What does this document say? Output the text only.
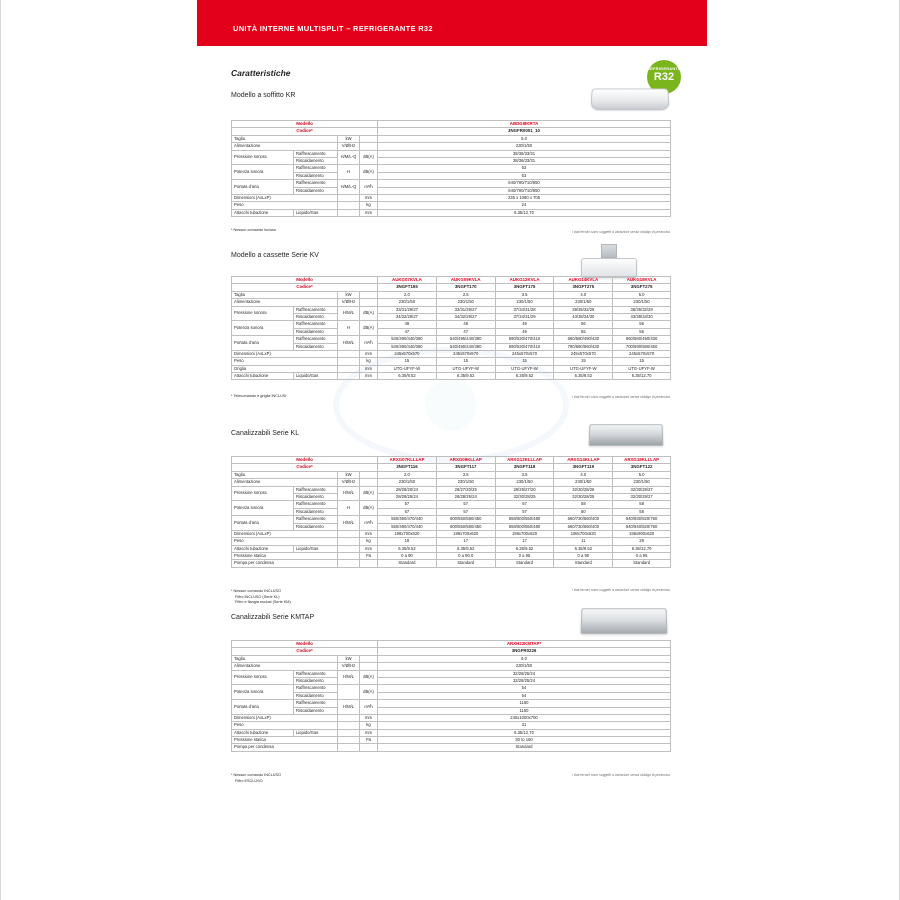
UNITÀ INTERNE MULTISPLIT – REFRIGERANTE R32
Caratteristiche	REFRIGERANTE
R32
Modello a soffitto KR
Modello				ABDGI8KRTA
Codice*				3NGFR0001_10
Taglia		kW		5.0
Alimentazione		V/Ø/Hz		230/1/50
Pressione sonora	Raffrescamento	H/M/L-Q	dB(A)	38/36/33/31
	Riscaldamento			38/36/33/31
Potenza sonora	Raffrescamento	H	dB(A)	53
	Riscaldamento			53
Portata d'aria	Raffrescamento	H/M/L-Q	m³/h	640/790/710/650
	Riscaldamento			640/790/710/650
Dimensioni (AxLxP)			mm	235 x 1080 x 705
Peso			kg	24
Attacchi tubazione	Liquido/Gas		mm	6.35/12.70
* Nessun comando incluso	I dati tecnici sono soggetti a variazioni senza obbligo di preavviso.
Modello a cassette Serie KV
Modello				AUKG07KVLA	AUKG09KVLA	AUKG12KVLA	AUKG14KVLA	AUKG18KVLA
Codice*				3NGFT165	3NGFT170	3NGFT175	3NGFT275	3NGFT275
Taglia		kW		2.0	2.5	3.5	4.0	5.0
Alimentazione		V/Ø/Hz		230/1/50	230/1/50	230/1/50	230/1/50	230/1/50
Pressione sonora	Raffrescamento	H/M/L	dB(A)	33/31/29/27	33/31/29/27	37/34/31/28	38/35/32/29	36/35/32/29
	Riscaldamento			34/32/29/27	34/32/29/27	37/34/31/29	43/38/34/30	43/39/34/30
Potenza sonora	Raffrescamento	H	dB(A)	49	46	49	56	56
	Riscaldamento			47	47	49	55	55
Portata d'aria	Raffrescamento	H/M/L	m³/h	540/490/440/380	540/495/440/390	690/530/470/410	660/580/490/430	660/580/490/430
	Riscaldamento			540/490/440/380	540/490/440/390	690/530/470/410	790/680/560/430	700/690/580/450
Dimensioni (AxLxP)			mm	245x570x570	245x570x570	245x570x570	245x570x570	245x570x570
Peso			kg	15	15	15	15	15
Griglia			mm	UTG-UFYF-W	UTG-UFYF-W	UTG-UFYF-W	UTG-UFYF-W	UTG-UFYF-W
Attacchi tubazione	Liquido/Gas		mm	6.35/9.52	6.35/9.52	6.35/9.52	6.35/9.52	6.35/12.70
* Telecomando e griglia INCLUSI	I dati tecnici sono soggetti a variazioni senza obbligo di preavviso.
Canalizzabili Serie KL
Modello				ARXG07KLLLAP	ARXG09KLLAP	ARXG12KLLLAP	ARXG14KLLAP	ARXG18KLLLAP
Codice*				3NGFT116	3NGFT117	3NGFT118	3NGFT119	3NGFT122
Taglia		kW		2.0	2.5	3.5	4.0	5.0
Alimentazione		V/Ø/Hz		230/1/50	230/1/50	230/1/50	230/1/50	230/1/50
Pressione sonora	Raffrescamento	H/M/L	dB(A)	28/28/20/24	28/27/20/25	29/29/27/20	32/30/28/26	32/30/29/27
	Riscaldamento			28/28/25/24	28/28/25/24	32/30/28/25	32/30/28/25	32/30/29/27
Potenza sonora	Raffrescamento	H	dB(A)	57	57	57	58	58
	Riscaldamento			57	57	57	60	58
Portata d'aria	Raffrescamento	H/M/L	m³/h	550/490/470/440	600/550/580/450	658/600/550/480	660/730/660/400	940/930/820/750
	Riscaldamento			550/490/470/440	600/550/580/450	658/600/550/480	660/730/660/400	940/940/820/750
Dimensioni (AxLxP)			mm	198x700x620	198x700x620	198x700x620	198x700x620	195x900x620
Peso			kg	18	17	17	11	28
Attacchi tubazione	Liquido/Gas		mm	6.35/9.52	6.35/9.52	6.35/9.52	6.35/9.52	6.35/12.70
Pressione statica			Pa	0 a 90	0 a 90.0	0 a 95	0 a 90	0 a 95
Pompa per condensa				Standard	Standard	Standard	Standard	Standard
* Nessun comando INCLUSO
Filtro INCLUSO (Serie KL)
Filtro e flangia esclusi (Serie KM)
I dati tecnici sono soggetti a variazioni senza obbligo di preavviso.
Canalizzabili Serie KMTAP
Modello				ARXH22KMTAP*
Codice*				3NGFR0226
Taglia		kW		6.0
Alimentazione		V/Ø/Hz		230/1/50
Pressione sonora	Raffrescamento	H/M/L	dB(A)	32/28/25/24
	Riscaldamento			32/28/25/24
Potenza sonora	Raffrescamento		dB(A)	54
	Riscaldamento			54
Portata d'aria	Raffrescamento	H/M/L	m³/h	1150
	Riscaldamento			1150
Dimensioni (AxLxP)			mm	240x1000x700
Peso			kg	31
Attacchi tubazione	Liquido/Gas		mm	6.35/12.70
Pressione statica			Pa	30 to 150
Pompa per condensa				Standard
* Nessun comando INCLUSO
Filtro ESCLUSO
I dati tecnici sono soggetti a variazioni senza obbligo di preavviso.
